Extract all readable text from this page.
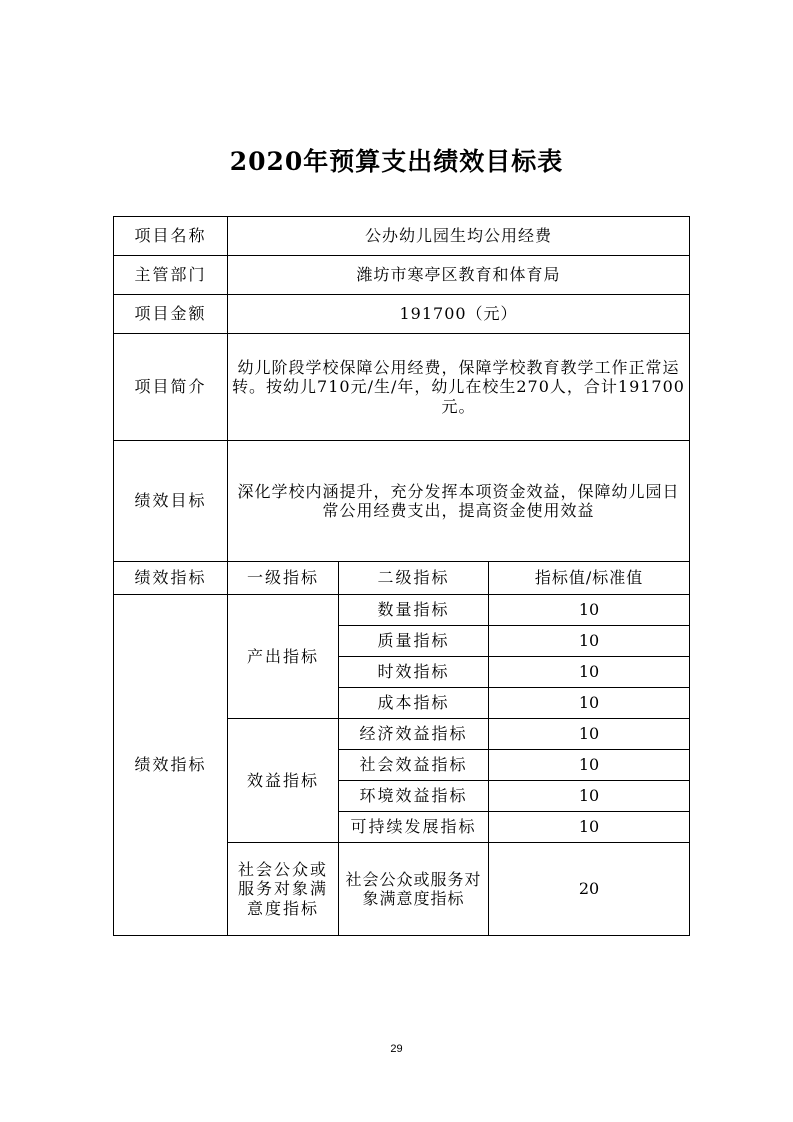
2020年预算支出绩效目标表
项目名称	公办幼儿园生均公用经费		
主管部门	潍坊市寒亭区教育和体育局		
项目金额	191700（元）		
项目简介	幼儿阶段学校保障公用经费，保障学校教育教学工作正常运转。按幼儿710元/生/年，幼儿在校生270人，合计191700元。		
绩效目标	深化学校内涵提升，充分发挥本项资金效益，保障幼儿园日常公用经费支出，提高资金使用效益		
绩效指标	一级指标	二级指标	指标值/标准值
绩效指标	产出指标	数量指标	10
		质量指标	10
		时效指标	10
		成本指标	10
	效益指标	经济效益指标	10
		社会效益指标	10
		环境效益指标	10
		可持续发展指标	10
	社会公众或服务对象满意度指标	社会公众或服务对象满意度指标	20
29
